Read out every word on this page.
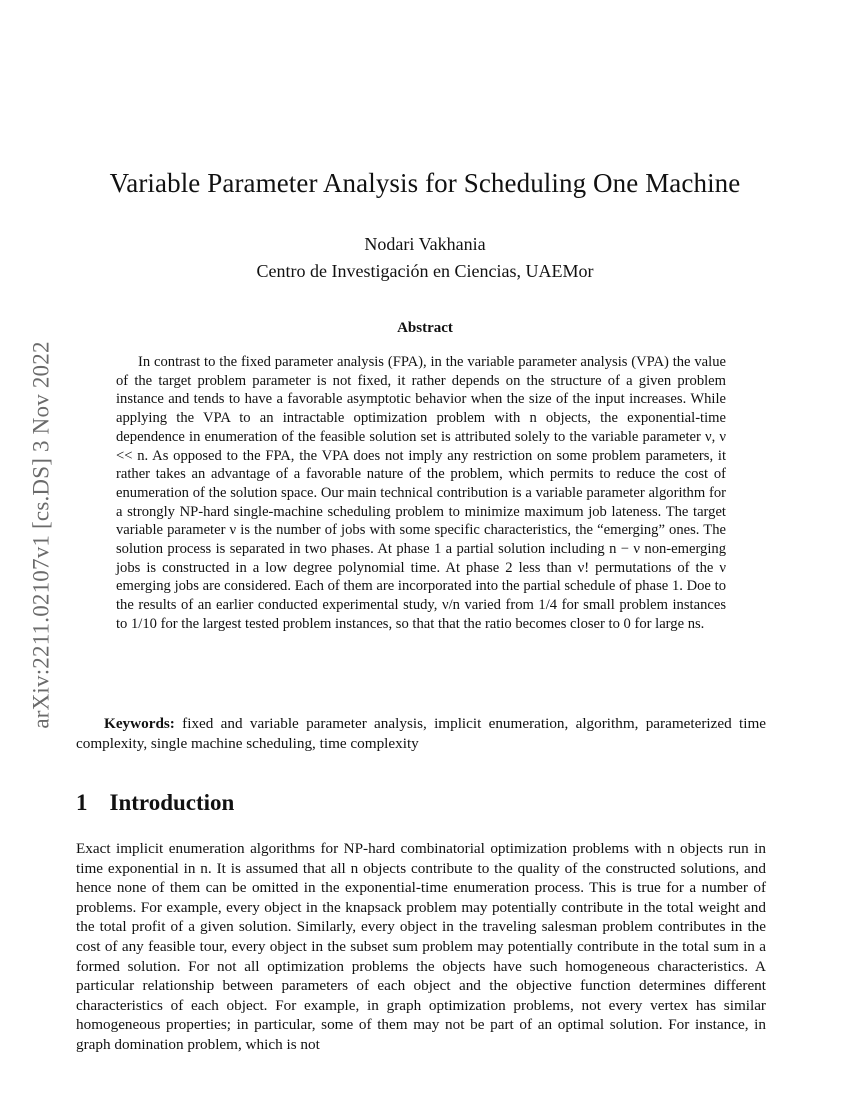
arXiv:2211.02107v1 [cs.DS] 3 Nov 2022
Variable Parameter Analysis for Scheduling One Machine
Nodari Vakhania
Centro de Investigación en Ciencias, UAEMor
Abstract

In contrast to the fixed parameter analysis (FPA), in the variable parameter analysis (VPA) the value of the target problem parameter is not fixed, it rather depends on the structure of a given problem instance and tends to have a favorable asymptotic behavior when the size of the input increases. While applying the VPA to an intractable optimization problem with n objects, the exponential-time dependence in enumeration of the feasible solution set is attributed solely to the variable parameter ν, ν << n. As opposed to the FPA, the VPA does not imply any restriction on some problem parameters, it rather takes an advantage of a favorable nature of the problem, which permits to reduce the cost of enumeration of the solution space. Our main technical contribution is a variable parameter algorithm for a strongly NP-hard single-machine scheduling problem to minimize maximum job lateness. The target variable parameter ν is the number of jobs with some specific characteristics, the “emerging” ones. The solution process is separated in two phases. At phase 1 a partial solution including n − ν non-emerging jobs is constructed in a low degree polynomial time. At phase 2 less than ν! permutations of the ν emerging jobs are considered. Each of them are incorporated into the partial schedule of phase 1. Doe to the results of an earlier conducted experimental study, ν/n varied from 1/4 for small problem instances to 1/10 for the largest tested problem instances, so that that the ratio becomes closer to 0 for large ns.

Keywords: fixed and variable parameter analysis, implicit enumeration, algorithm, parameterized time complexity, single machine scheduling, time complexity

1 Introduction

Exact implicit enumeration algorithms for NP-hard combinatorial optimization problems with n objects run in time exponential in n. It is assumed that all n objects contribute to the quality of the constructed solutions, and hence none of them can be omitted in the exponential-time enumeration process. This is true for a number of problems. For example, every object in the knapsack problem may potentially contribute in the total weight and the total profit of a given solution. Similarly, every object in the traveling salesman problem contributes in the cost of any feasible tour, every object in the subset sum problem may potentially contribute in the total sum in a formed solution. For not all optimization problems the objects have such homogeneous characteristics. A particular relationship between parameters of each object and the objective function determines different characteristics of each object. For example, in graph optimization problems, not every vertex has similar homogeneous properties; in particular, some of them may not be part of an optimal solution. For instance, in graph domination problem, which is not
